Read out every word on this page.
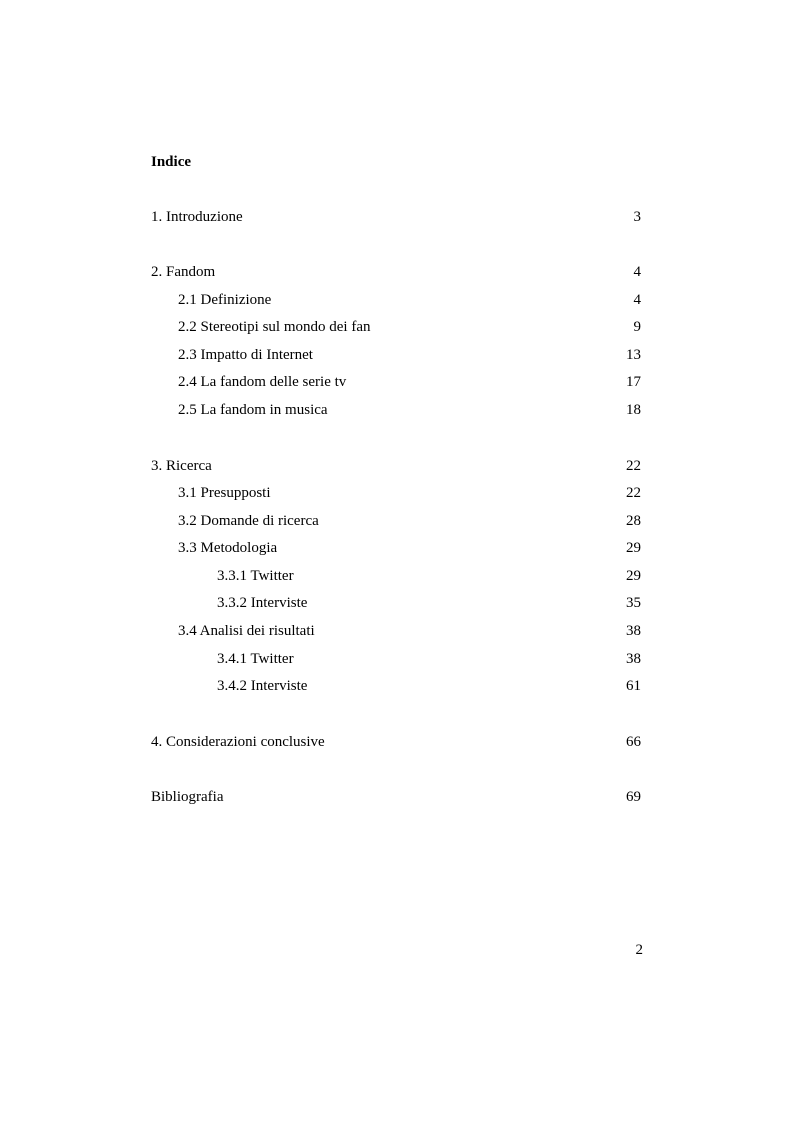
Indice
1. Introduzione	3
2. Fandom	4
2.1 Definizione	4
2.2 Stereotipi sul mondo dei fan	9
2.3 Impatto di Internet	13
2.4 La fandom delle serie tv	17
2.5 La fandom in musica	18
3. Ricerca	22
3.1 Presupposti	22
3.2 Domande di ricerca	28
3.3 Metodologia	29
3.3.1 Twitter	29
3.3.2 Interviste	35
3.4 Analisi dei risultati	38
3.4.1 Twitter	38
3.4.2 Interviste	61
4. Considerazioni conclusive	66
Bibliografia	69
2
